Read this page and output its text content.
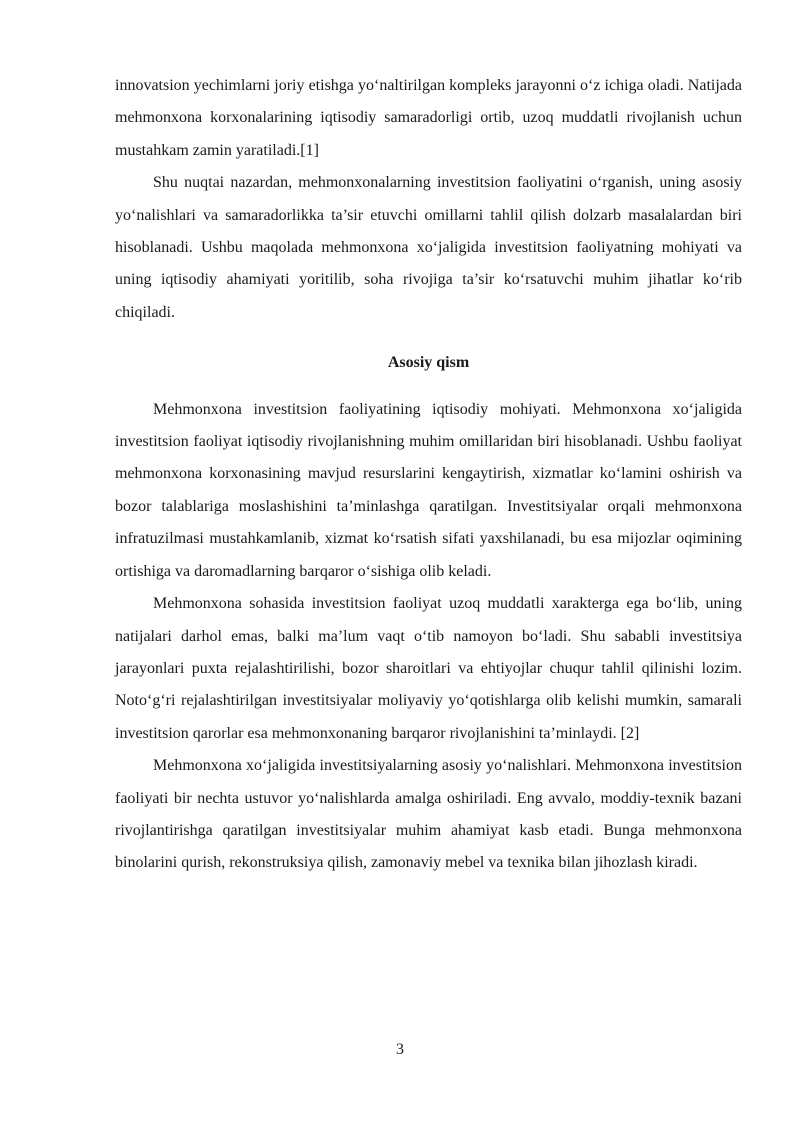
innovatsion yechimlarni joriy etishga yo‘naltirilgan kompleks jarayonni o‘z ichiga oladi. Natijada mehmonxona korxonalarining iqtisodiy samaradorligi ortib, uzoq muddatli rivojlanish uchun mustahkam zamin yaratiladi.[1]

Shu nuqtai nazardan, mehmonxonalarning investitsion faoliyatini o‘rganish, uning asosiy yo‘nalishlari va samaradorlikka ta’sir etuvchi omillarni tahlil qilish dolzarb masalalardan biri hisoblanadi. Ushbu maqolada mehmonxona xo‘jaligida investitsion faoliyatning mohiyati va uning iqtisodiy ahamiyati yoritilib, soha rivojiga ta’sir ko‘rsatuvchi muhim jihatlar ko‘rib chiqiladi.

Asosiy qism

Mehmonxona investitsion faoliyatining iqtisodiy mohiyati. Mehmonxona xo‘jaligida investitsion faoliyat iqtisodiy rivojlanishning muhim omillaridan biri hisoblanadi. Ushbu faoliyat mehmonxona korxonasining mavjud resurslarini kengaytirish, xizmatlar ko‘lamini oshirish va bozor talablariga moslashishini ta’minlashga qaratilgan. Investitsiyalar orqali mehmonxona infratuzilmasi mustahkamlanib, xizmat ko‘rsatish sifati yaxshilanadi, bu esa mijozlar oqimining ortishiga va daromadlarning barqaror o‘sishiga olib keladi.

Mehmonxona sohasida investitsion faoliyat uzoq muddatli xarakterga ega bo‘lib, uning natijalari darhol emas, balki ma’lum vaqt o‘tib namoyon bo‘ladi. Shu sababli investitsiya jarayonlari puxta rejalashtirilishi, bozor sharoitlari va ehtiyojlar chuqur tahlil qilinishi lozim. Noto‘g‘ri rejalashtirilgan investitsiyalar moliyaviy yo‘qotishlarga olib kelishi mumkin, samarali investitsion qarorlar esa mehmonxonaning barqaror rivojlanishini ta’minlaydi. [2]

Mehmonxona xo‘jaligida investitsiyalarning asosiy yo‘nalishlari. Mehmonxona investitsion faoliyati bir nechta ustuvor yo‘nalishlarda amalga oshiriladi. Eng avvalo, moddiy-texnik bazani rivojlantirishga qaratilgan investitsiyalar muhim ahamiyat kasb etadi. Bunga mehmonxona binolarini qurish, rekonstruksiya qilish, zamonaviy mebel va texnika bilan jihozlash kiradi.

3
